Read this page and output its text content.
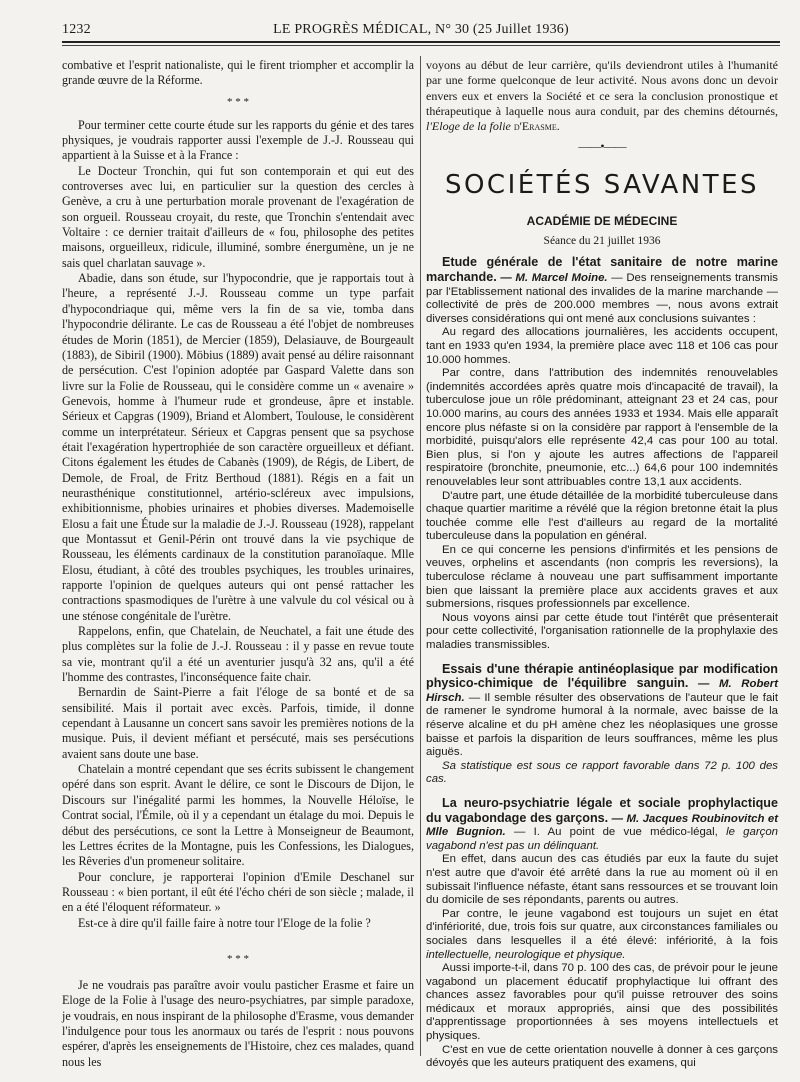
1232	LE PROGRÈS MÉDICAL, N° 30 (25 Juillet 1936)

combative et l'esprit nationaliste, qui le firent triompher et accomplir la grande œuvre de la Réforme.

* * *

Pour terminer cette courte étude sur les rapports du génie et des tares physiques, je voudrais rapporter aussi l'exemple de J.-J. Rousseau qui appartient à la Suisse et à la France :

Le Docteur Tronchin, qui fut son contemporain et qui eut des controverses avec lui, en particulier sur la question des cercles à Genève, a cru à une perturbation morale provenant de l'exagération de son orgueil. Rousseau croyait, du reste, que Tronchin s'entendait avec Voltaire : ce dernier traitait d'ailleurs de « fou, philosophe des petites maisons, orgueilleux, ridicule, illuminé, sombre énergumène, un je ne sais quel charlatan sauvage ».

Abadie, dans son étude, sur l'hypocondrie, que je rapportais tout à l'heure, a représenté J.-J. Rousseau comme un type parfait d'hypocondriaque qui, même vers la fin de sa vie, tomba dans l'hypocondrie délirante. Le cas de Rousseau a été l'objet de nombreuses études de Morin (1851), de Mercier (1859), Delasiauve, de Bourgeault (1883), de Sibiril (1900). Möbius (1889) avait pensé au délire raisonnant de persécution. C'est l'opinion adoptée par Gaspard Valette dans son livre sur la Folie de Rousseau, qui le considère comme un « avenaire » Genevois, homme à l'humeur rude et grondeuse, âpre et instable. Sérieux et Capgras (1909), Briand et Alombert, Toulouse, le considèrent comme un interprétateur. Sérieux et Capgras pensent que sa psychose était l'exagération hypertrophiée de son caractère orgueilleux et défiant. Citons également les études de Cabanès (1909), de Régis, de Libert, de Demole, de Froal, de Fritz Berthoud (1881). Régis en a fait un neurasthénique constitutionnel, artério-scléreux avec impulsions, exhibitionnisme, phobies urinaires et phobies diverses. Mademoiselle Elosu a fait une Étude sur la maladie de J.-J. Rousseau (1928), rappelant que Montassut et Genil-Périn ont trouvé dans la vie psychique de Rousseau, les éléments cardinaux de la constitution paranoïaque. Mlle Elosu, étudiant, à côté des troubles psychiques, les troubles urinaires, rapporte l'opinion de quelques auteurs qui ont pensé rattacher les contractions spasmodiques de l'urètre à une valvule du col vésical ou à une sténose congénitale de l'urètre.

Rappelons, enfin, que Chatelain, de Neuchatel, a fait une étude des plus complètes sur la folie de J.-J. Rousseau : il y passe en revue toute sa vie, montrant qu'il a été un aventurier jusqu'à 32 ans, qu'il a été l'homme des contrastes, l'inconséquence faite chair.

Bernardin de Saint-Pierre a fait l'éloge de sa bonté et de sa sensibilité. Mais il portait avec excès. Parfois, timide, il donne cependant à Lausanne un concert sans savoir les premières notions de la musique. Puis, il devient méfiant et persécuté, mais ses persécutions avaient sans doute une base.

Chatelain a montré cependant que ses écrits subissent le changement opéré dans son esprit. Avant le délire, ce sont le Discours de Dijon, le Discours sur l'inégalité parmi les hommes, la Nouvelle Héloïse, le Contrat social, l'Émile, où il y a cependant un étalage du moi. Depuis le début des persécutions, ce sont la Lettre à Monseigneur de Beaumont, les Lettres écrites de la Montagne, puis les Confessions, les Dialogues, les Rêveries d'un promeneur solitaire.

Pour conclure, je rapporterai l'opinion d'Emile Deschanel sur Rousseau : « bien portant, il eût été l'écho chéri de son siècle ; malade, il en a été l'éloquent réformateur. »

Est-ce à dire qu'il faille faire à notre tour l'Eloge de la folie ?

* * *

Je ne voudrais pas paraître avoir voulu pasticher Erasme et faire un Eloge de la Folie à l'usage des neuro-psychiatres, par simple paradoxe, je voudrais, en nous inspirant de la philosophe d'Erasme, vous demander l'indulgence pour tous les anormaux ou tarés de l'esprit : nous pouvons espérer, d'après les enseignements de l'Histoire, chez ces malades, quand nous les

voyons au début de leur carrière, qu'ils deviendront utiles à l'humanité par une forme quelconque de leur activité. Nous avons donc un devoir envers eux et envers la Société et ce sera la conclusion pronostique et thérapeutique à laquelle nous aura conduit, par des chemins détournés, l'Eloge de la folie d'Erasme.

——•——
SOCIÉTÉS SAVANTES
ACADÉMIE DE MÉDECINE
Séance du 21 juillet 1936

Etude générale de l'état sanitaire de notre marine marchande. — M. Marcel Moine. — Des renseignements transmis par l'Etablissement national des invalides de la marine marchande — collectivité de près de 200.000 membres —, nous avons extrait diverses considérations qui ont mené aux conclusions suivantes :

Au regard des allocations journalières, les accidents occupent, tant en 1933 qu'en 1934, la première place avec 118 et 106 cas pour 10.000 hommes.

Par contre, dans l'attribution des indemnités renouvelables (indemnités accordées après quatre mois d'incapacité de travail), la tuberculose joue un rôle prédominant, atteignant 23 et 24 cas, pour 10.000 marins, au cours des années 1933 et 1934. Mais elle apparaît encore plus néfaste si on la considère par rapport à l'ensemble de la morbidité, puisqu'alors elle représente 42,4 cas pour 100 au total. Bien plus, si l'on y ajoute les autres affections de l'appareil respiratoire (bronchite, pneumonie, etc...) 64,6 pour 100 indemnités renouvelables leur sont attribuables contre 13,1 aux accidents.

D'autre part, une étude détaillée de la morbidité tuberculeuse dans chaque quartier maritime a révélé que la région bretonne était la plus touchée comme elle l'est d'ailleurs au regard de la mortalité tuberculeuse dans la population en général.

En ce qui concerne les pensions d'infirmités et les pensions de veuves, orphelins et ascendants (non compris les reversions), la tuberculose réclame à nouveau une part suffisamment importante bien que laissant la première place aux accidents graves et aux submersions, risques professionnels par excellence.

Nous voyons ainsi par cette étude tout l'intérêt que présenterait pour cette collectivité, l'organisation rationnelle de la prophylaxie des maladies transmissibles.

Essais d'une thérapie antinéoplasique par modification physico-chimique de l'équilibre sanguin. — M. Robert Hirsch. — Il semble résulter des observations de l'auteur que le fait de ramener le syndrome humoral à la normale, avec baisse de la réserve alcaline et du pH amène chez les néoplasiques une grosse baisse et parfois la disparition de leurs souffrances, même les plus aiguës.

Sa statistique est sous ce rapport favorable dans 72 p. 100 des cas.

La neuro-psychiatrie légale et sociale prophylactique du vagabondage des garçons. — M. Jacques Roubinovitch et Mlle Bugnion. — I. Au point de vue médico-légal, le garçon vagabond n'est pas un délinquant.

En effet, dans aucun des cas étudiés par eux la faute du sujet n'est autre que d'avoir été arrêté dans la rue au moment où il en subissait l'influence néfaste, étant sans ressources et se trouvant loin du domicile de ses répondants, parents ou autres.

Par contre, le jeune vagabond est toujours un sujet en état d'infériorité, due, trois fois sur quatre, aux circonstances familiales ou sociales dans lesquelles il a été élevé: infériorité, à la fois intellectuelle, neurologique et physique.

Aussi importe-t-il, dans 70 p. 100 des cas, de prévoir pour le jeune vagabond un placement éducatif prophylactique lui offrant des chances assez favorables pour qu'il puisse retrouver des soins médicaux et moraux appropriés, ainsi que des possibilités d'apprentissage proportionnées à ses moyens intellectuels et physiques.

C'est en vue de cette orientation nouvelle à donner à ces garçons dévoyés que les auteurs pratiquent des examens, qui
